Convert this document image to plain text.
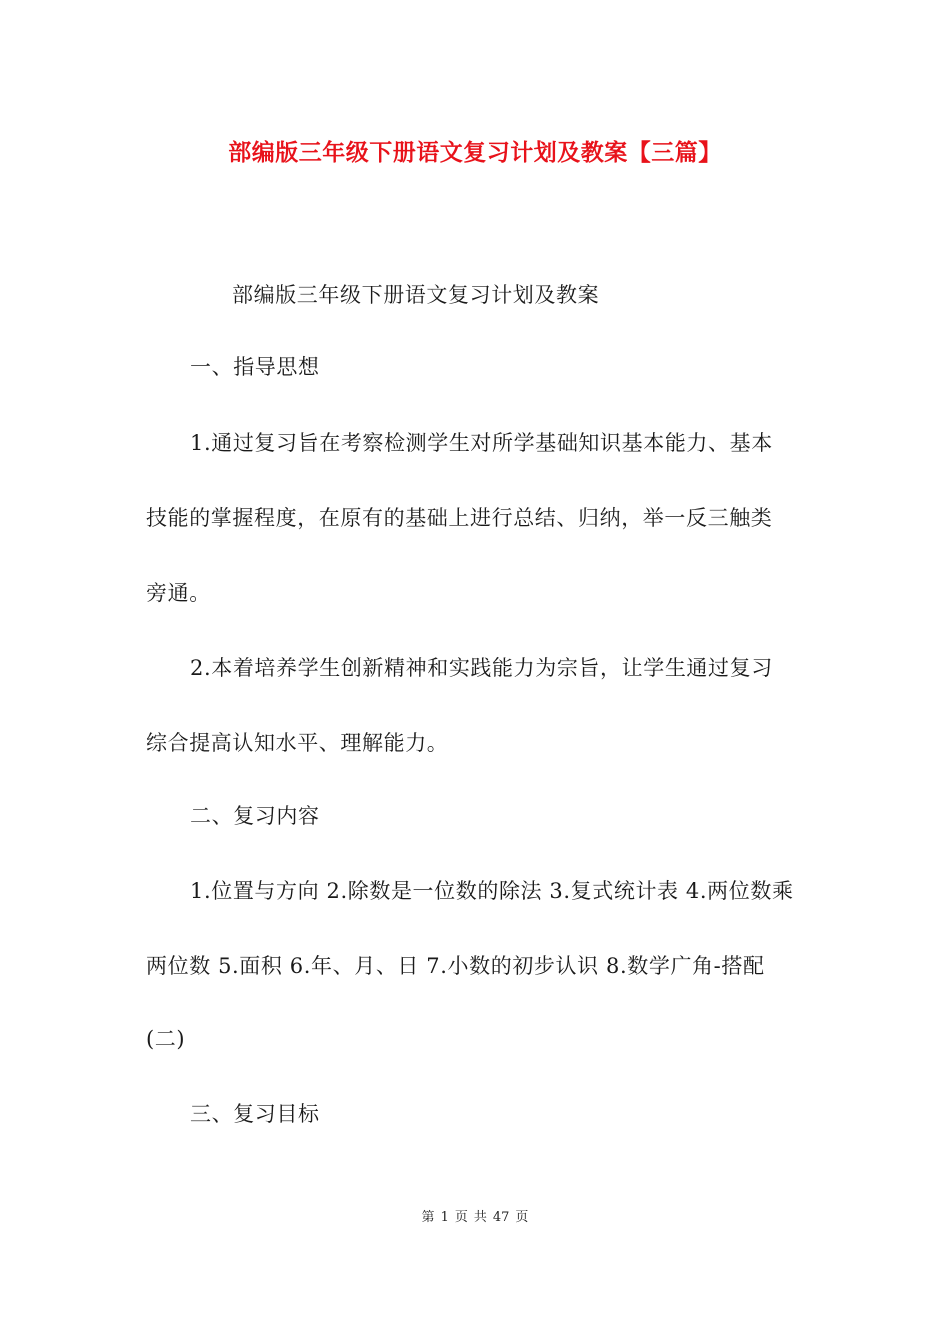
部编版三年级下册语文复习计划及教案【三篇】
部编版三年级下册语文复习计划及教案
一、指导思想
1.通过复习旨在考察检测学生对所学基础知识基本能力、基本
技能的掌握程度，在原有的基础上进行总结、归纳，举一反三触类
旁通。
2.本着培养学生创新精神和实践能力为宗旨，让学生通过复习
综合提高认知水平、理解能力。
二、复习内容
1.位置与方向 2.除数是一位数的除法 3.复式统计表 4.两位数乘
两位数 5.面积 6.年、月、日 7.小数的初步认识 8.数学广角-搭配
(二)
三、复习目标
第 1 页 共 47 页
